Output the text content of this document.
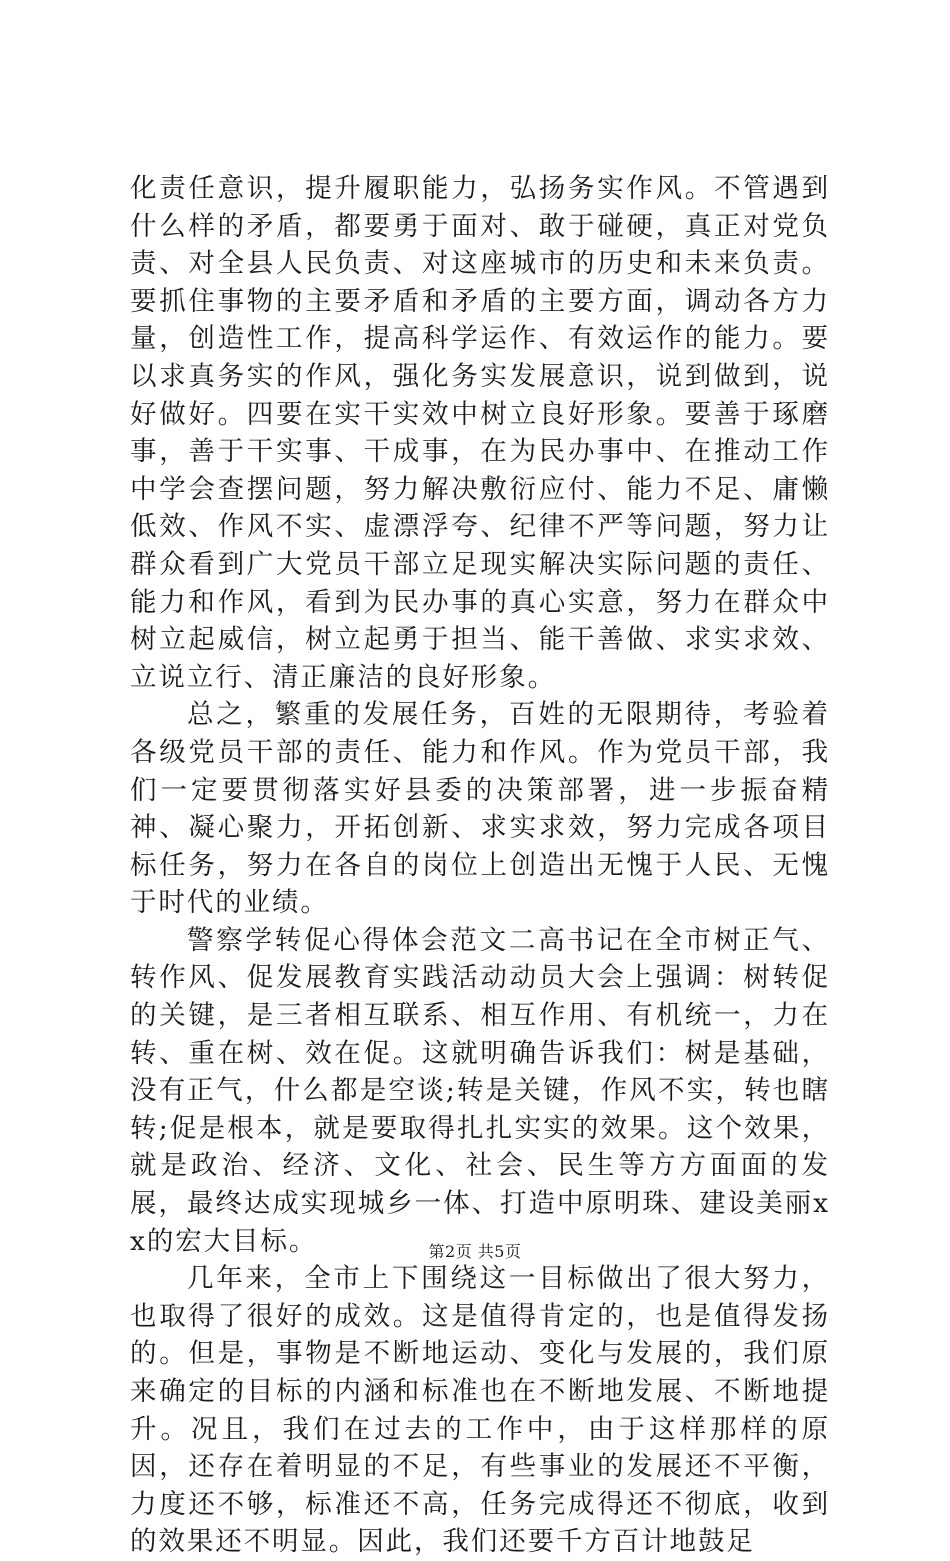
化责任意识，提升履职能力，弘扬务实作风。不管遇到什么样的矛盾，都要勇于面对、敢于碰硬，真正对党负责、对全县人民负责、对这座城市的历史和未来负责。要抓住事物的主要矛盾和矛盾的主要方面，调动各方力量，创造性工作，提高科学运作、有效运作的能力。要以求真务实的作风，强化务实发展意识，说到做到，说好做好。四要在实干实效中树立良好形象。要善于琢磨事，善于干实事、干成事，在为民办事中、在推动工作中学会查摆问题，努力解决敷衍应付、能力不足、庸懒低效、作风不实、虚漂浮夸、纪律不严等问题，努力让群众看到广大党员干部立足现实解决实际问题的责任、能力和作风，看到为民办事的真心实意，努力在群众中树立起威信，树立起勇于担当、能干善做、求实求效、立说立行、清正廉洁的良好形象。

总之，繁重的发展任务，百姓的无限期待，考验着各级党员干部的责任、能力和作风。作为党员干部，我们一定要贯彻落实好县委的决策部署，进一步振奋精神、凝心聚力，开拓创新、求实求效，努力完成各项目标任务，努力在各自的岗位上创造出无愧于人民、无愧于时代的业绩。

警察学转促心得体会范文二高书记在全市树正气、转作风、促发展教育实践活动动员大会上强调：树转促的关键，是三者相互联系、相互作用、有机统一，力在转、重在树、效在促。这就明确告诉我们：树是基础，没有正气，什么都是空谈;转是关键，作风不实，转也瞎转;促是根本，就是要取得扎扎实实的效果。这个效果，就是政治、经济、文化、社会、民生等方方面面的发展，最终达成实现城乡一体、打造中原明珠、建设美丽xx的宏大目标。

几年来，全市上下围绕这一目标做出了很大努力，也取得了很好的成效。这是值得肯定的，也是值得发扬的。但是，事物是不断地运动、变化与发展的，我们原来确定的目标的内涵和标准也在不断地发展、不断地提升。况且，我们在过去的工作中，由于这样那样的原因，还存在着明显的不足，有些事业的发展还不平衡，力度还不够，标准还不高，任务完成得还不彻底，收到的效果还不明显。因此，我们还要千方百计地鼓足

第2页 共5页
